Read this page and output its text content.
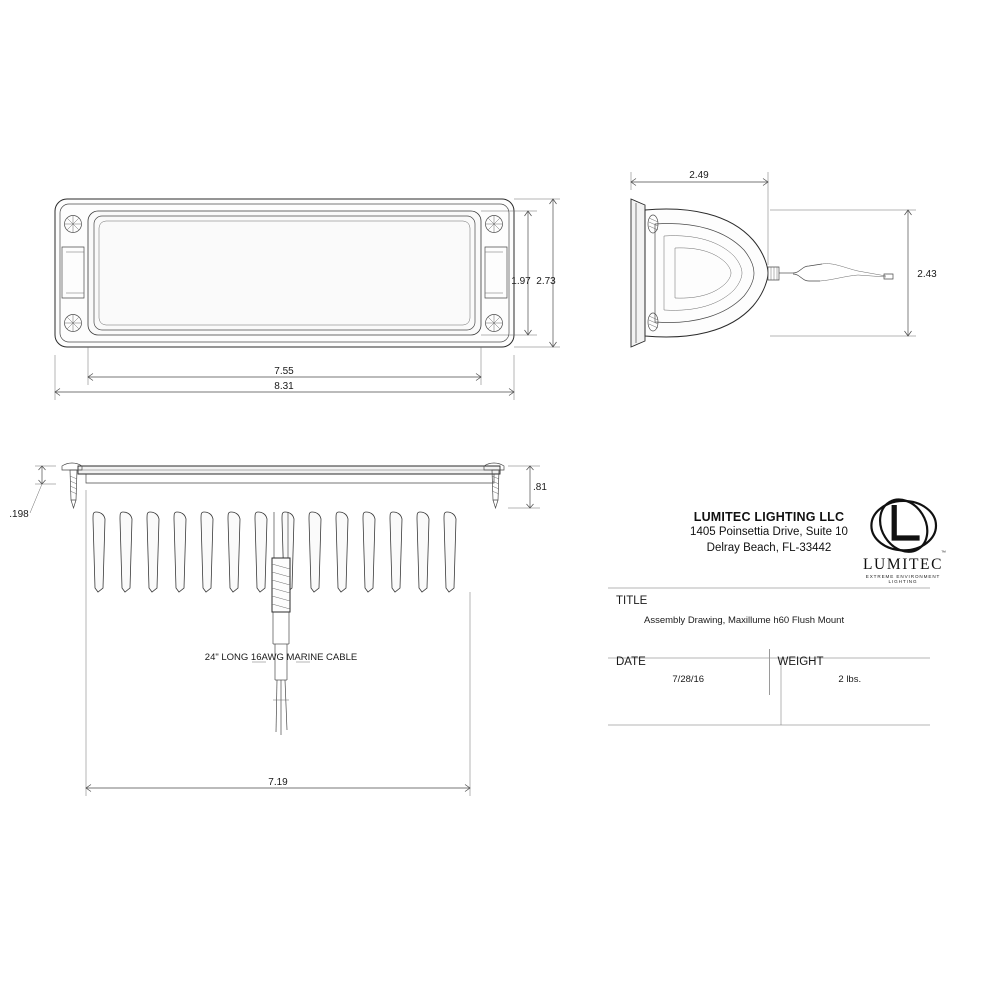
1.97 2.73
7.55
8.31
2.49
2.43
24" LONG 16AWG MARINE CABLE
.198
.81
7.19
LUMITEC LIGHTING LLC
1405 Poinsettia Drive, Suite 10
Delray Beach, FL-33442
TITLE
Assembly Drawing, Maxillume h60 Flush Mount
DATE
7/28/16
WEIGHT
2 lbs.
™
LUMITEC
EXTREME ENVIRONMENT LIGHTING
